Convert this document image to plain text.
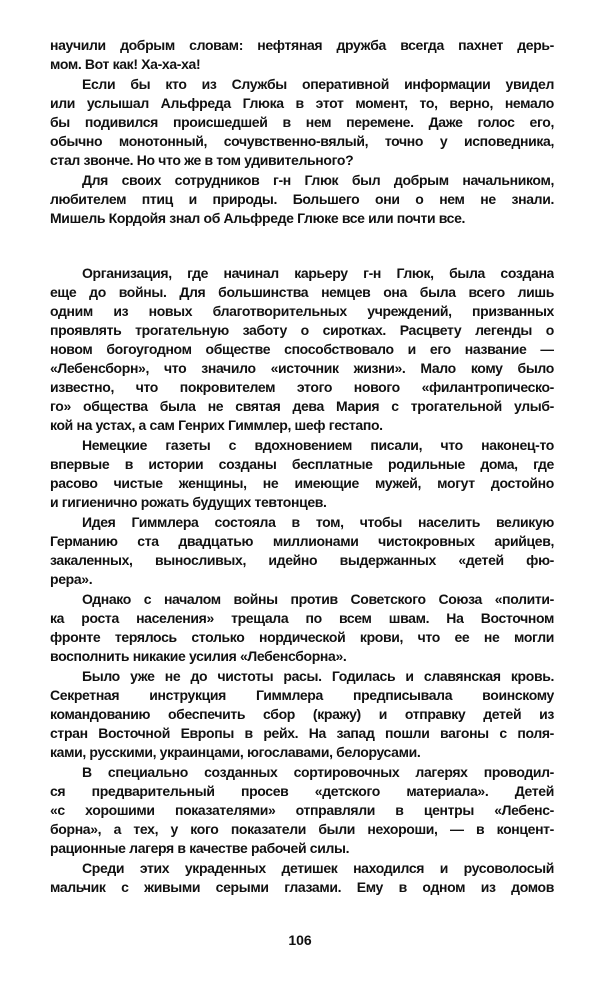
научили добрым словам: нефтяная дружба всегда пахнет дерь-
мом. Вот как! Ха-ха-ха!
Если бы кто из Службы оперативной информации увидел
или услышал Альфреда Глюка в этот момент, то, верно, немало
бы подивился происшедшей в нем перемене. Даже голос его,
обычно монотонный, сочувственно-вялый, точно у исповедника,
стал звонче. Но что же в том удивительного?
Для своих сотрудников г-н Глюк был добрым начальником,
любителем птиц и природы. Большего они о нем не знали.
Мишель Кордойя знал об Альфреде Глюке все или почти все.
Организация, где начинал карьеру г-н Глюк, была создана
еще до войны. Для большинства немцев она была всего лишь
одним из новых благотворительных учреждений, призванных
проявлять трогательную заботу о сиротках. Расцвету легенды о
новом богоугодном обществе способствовало и его название —
«Лебенсборн», что значило «источник жизни». Мало кому было
известно, что покровителем этого нового «филантропическо-
го» общества была не святая дева Мария с трогательной улыб-
кой на устах, а сам Генрих Гиммлер, шеф гестапо.
Немецкие газеты с вдохновением писали, что наконец-то
впервые в истории созданы бесплатные родильные дома, где
расово чистые женщины, не имеющие мужей, могут достойно
и гигиенично рожать будущих тевтонцев.
Идея Гиммлера состояла в том, чтобы населить великую
Германию ста двадцатью миллионами чистокровных арийцев,
закаленных, выносливых, идейно выдержанных «детей фю-
рера».
Однако с началом войны против Советского Союза «полити-
ка роста населения» трещала по всем швам. На Восточном
фронте терялось столько нордической крови, что ее не могли
восполнить никакие усилия «Лебенсборна».
Было уже не до чистоты расы. Годилась и славянская кровь.
Секретная инструкция Гиммлера предписывала воинскому
командованию обеспечить сбор (кражу) и отправку детей из
стран Восточной Европы в рейх. На запад пошли вагоны с поля-
ками, русскими, украинцами, югославами, белорусами.
В специально созданных сортировочных лагерях проводил-
ся предварительный просев «детского материала». Детей
«с хорошими показателями» отправляли в центры «Лебенс-
борна», а тех, у кого показатели были нехороши, — в концент-
рационные лагеря в качестве рабочей силы.
Среди этих украденных детишек находился и русоволосый
мальчик с живыми серыми глазами. Ему в одном из домов
106
